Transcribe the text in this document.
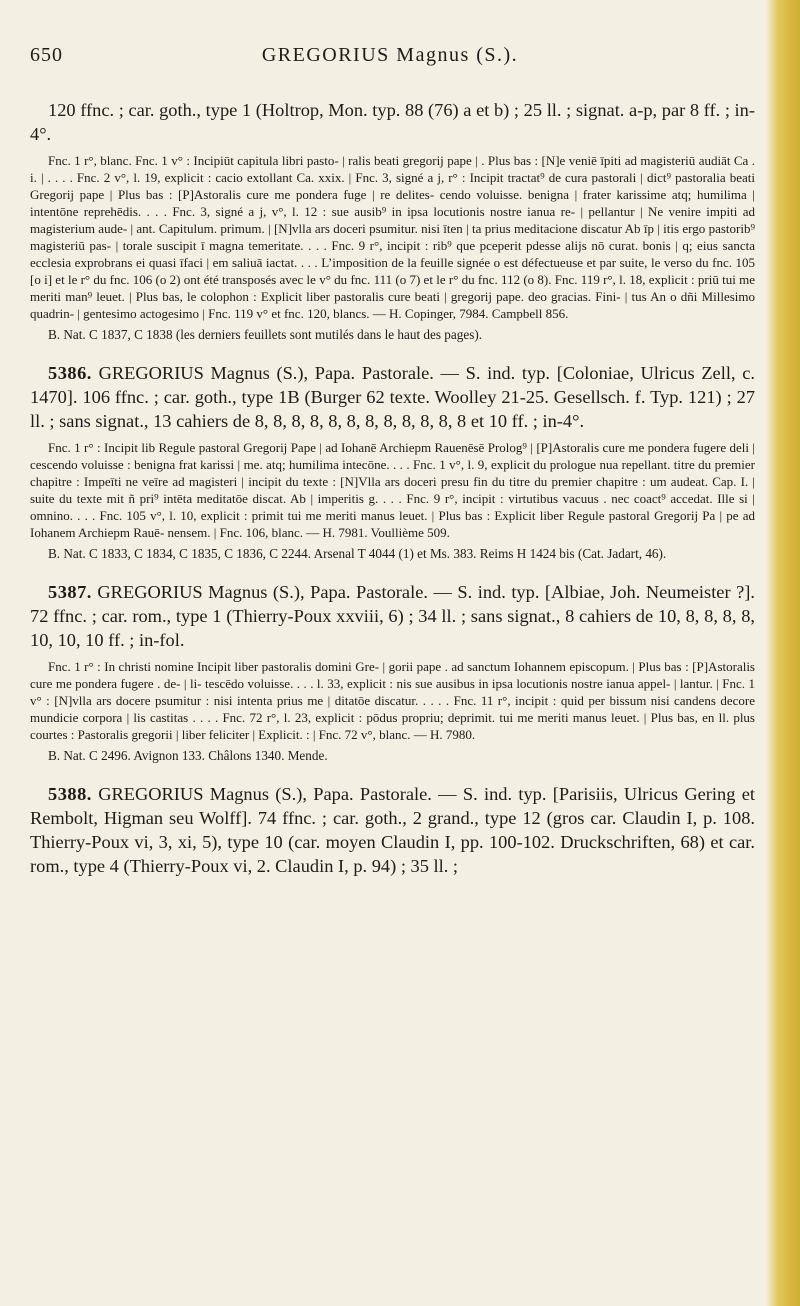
650	GREGORIUS Magnus (S.).

120 ffnc. ; car. goth., type 1 (Holtrop, Mon. typ. 88 (76) a et b) ; 25 ll. ; signat. a-p, par 8 ff. ; in-4°.

Fnc. 1 r°, blanc. Fnc. 1 v° : Incipiūt capitula libri pasto- | ralis beati gregorij pape | . Plus bas : [N]e veniē īpiti ad magisteriū audiāt Ca . i. | . . . . Fnc. 2 v°, l. 19, explicit : cacio extollant Ca. xxix. | Fnc. 3, signé a j, r° : Incipit tractat⁹ de cura pastorali | dict⁹ pastoralia beati Gregorij pape | Plus bas : [P]Astoralis cure me pondera fuge | re delites- cendo voluisse. benigna | frater karissime atq; humilima | intentōne reprehēdis. . . . Fnc. 3, signé a j, v°, l. 12 : sue ausib⁹ in ipsa locutionis nostre ianua re- | pellantur | Ne venire impiti ad magisterium aude- | ant. Capitulum. primum. | [N]vlla ars doceri psumitur. nisi īten | ta prius meditacione discatur Ab īp | itis ergo pastorib⁹ magisteriū pas- | torale suscipit ī magna temeritate. . . . Fnc. 9 r°, incipit : rib⁹ que pceperit pdesse alijs nō curat. bonis | q; eius sancta ecclesia exprobrans ei quasi īfaci | em saliuā iactat. . . . L’imposition de la feuille signée o est défectueuse et par suite, le verso du fnc. 105 [o i] et le r° du fnc. 106 (o 2) ont été transposés avec le v° du fnc. 111 (o 7) et le r° du fnc. 112 (o 8). Fnc. 119 r°, l. 18, explicit : priū tui me meriti man⁹ leuet. | Plus bas, le colophon : Explicit liber pastoralis cure beati | gregorij pape. deo gracias. Fini- | tus An o dñi Millesimo quadrin- | gentesimo actogesimo | Fnc. 119 v° et fnc. 120, blancs. — H. Copinger, 7984. Campbell 856.

B. Nat. C 1837, C 1838 (les derniers feuillets sont mutilés dans le haut des pages).

5386. GREGORIUS Magnus (S.), Papa. Pastorale. — S. ind. typ. [Coloniae, Ulricus Zell, c. 1470]. 106 ffnc. ; car. goth., type 1B (Burger 62 texte. Woolley 21-25. Gesellsch. f. Typ. 121) ; 27 ll. ; sans signat., 13 cahiers de 8, 8, 8, 8, 8, 8, 8, 8, 8, 8, 8, 8 et 10 ff. ; in-4°.

Fnc. 1 r° : Incipit lib Regule pastoral Gregorij Pape | ad Iohanē Archiepm Rauenēsē Prolog⁹ | [P]Astoralis cure me pondera fugere deli | cescendo voluisse : benigna frat karissi | me. atq; humilima intecōne. . . . Fnc. 1 v°, l. 9, explicit du prologue nua repellant. titre du premier chapitre : Impeīti ne veīre ad magisteri | incipit du texte : [N]Vlla ars doceri presu fin du titre du premier chapitre : um audeat. Cap. I. | suite du texte mit ñ pri⁹ intēta meditatōe discat. Ab | imperitis g. . . . Fnc. 9 r°, incipit : virtutibus vacuus . nec coact⁹ accedat. Ille si | omnino. . . . Fnc. 105 v°, l. 10, explicit : primit tui me meriti manus leuet. | Plus bas : Explicit liber Regule pastoral Gregorij Pa | pe ad Iohanem Archiepm Rauē- nensem. | Fnc. 106, blanc. — H. 7981. Voullième 509.

B. Nat. C 1833, C 1834, C 1835, C 1836, C 2244. Arsenal T 4044 (1) et Ms. 383. Reims H 1424 bis (Cat. Jadart, 46).

5387. GREGORIUS Magnus (S.), Papa. Pastorale. — S. ind. typ. [Albiae, Joh. Neumeister ?]. 72 ffnc. ; car. rom., type 1 (Thierry-Poux xxviii, 6) ; 34 ll. ; sans signat., 8 cahiers de 10, 8, 8, 8, 8, 10, 10, 10 ff. ; in-fol.

Fnc. 1 r° : In christi nomine Incipit liber pastoralis domini Gre- | gorii pape . ad sanctum Iohannem episcopum. | Plus bas : [P]Astoralis cure me pondera fugere . de- | li- tescēdo voluisse. . . . l. 33, explicit : nis sue ausibus in ipsa locutionis nostre ianua appel- | lantur. | Fnc. 1 v° : [N]vlla ars docere psumitur : nisi intenta prius me | ditatōe discatur. . . . . Fnc. 11 r°, incipit : quid per bissum nisi candens decore mundicie corpora | lis castitas . . . . Fnc. 72 r°, l. 23, explicit : pōdus propriu; deprimit. tui me meriti manus leuet. | Plus bas, en ll. plus courtes : Pastoralis gregorii | liber feliciter | Explicit. : | Fnc. 72 v°, blanc. — H. 7980.

B. Nat. C 2496. Avignon 133. Châlons 1340. Mende.

5388. GREGORIUS Magnus (S.), Papa. Pastorale. — S. ind. typ. [Parisiis, Ulricus Gering et Rembolt, Higman seu Wolff]. 74 ffnc. ; car. goth., 2 grand., type 12 (gros car. Claudin I, p. 108. Thierry-Poux vi, 3, xi, 5), type 10 (car. moyen Claudin I, pp. 100-102. Druckschriften, 68) et car. rom., type 4 (Thierry-Poux vi, 2. Claudin I, p. 94) ; 35 ll. ;
